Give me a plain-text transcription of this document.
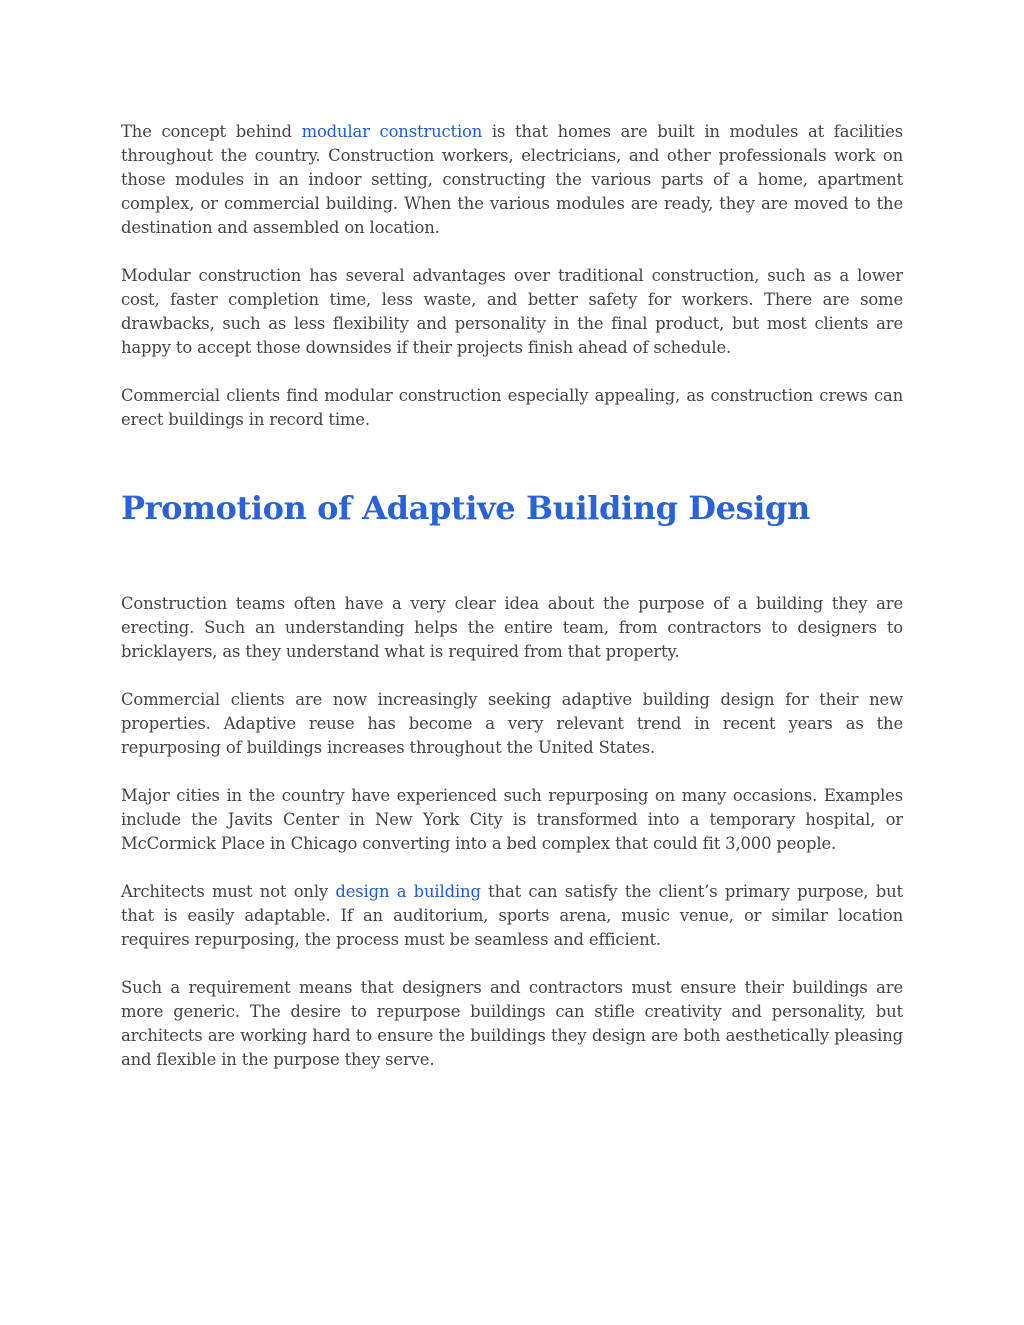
The concept behind modular construction is that homes are built in modules at facilities throughout the country. Construction workers, electricians, and other professionals work on those modules in an indoor setting, constructing the various parts of a home, apartment complex, or commercial building. When the various modules are ready, they are moved to the destination and assembled on location.

Modular construction has several advantages over traditional construction, such as a lower cost, faster completion time, less waste, and better safety for workers. There are some drawbacks, such as less flexibility and personality in the final product, but most clients are happy to accept those downsides if their projects finish ahead of schedule.

Commercial clients find modular construction especially appealing, as construction crews can erect buildings in record time.

Promotion of Adaptive Building Design

Construction teams often have a very clear idea about the purpose of a building they are erecting. Such an understanding helps the entire team, from contractors to designers to bricklayers, as they understand what is required from that property.

Commercial clients are now increasingly seeking adaptive building design for their new properties. Adaptive reuse has become a very relevant trend in recent years as the repurposing of buildings increases throughout the United States.

Major cities in the country have experienced such repurposing on many occasions. Examples include the Javits Center in New York City is transformed into a temporary hospital, or McCormick Place in Chicago converting into a bed complex that could fit 3,000 people.

Architects must not only design a building that can satisfy the client’s primary purpose, but that is easily adaptable. If an auditorium, sports arena, music venue, or similar location requires repurposing, the process must be seamless and efficient.

Such a requirement means that designers and contractors must ensure their buildings are more generic. The desire to repurpose buildings can stifle creativity and personality, but architects are working hard to ensure the buildings they design are both aesthetically pleasing and flexible in the purpose they serve.
